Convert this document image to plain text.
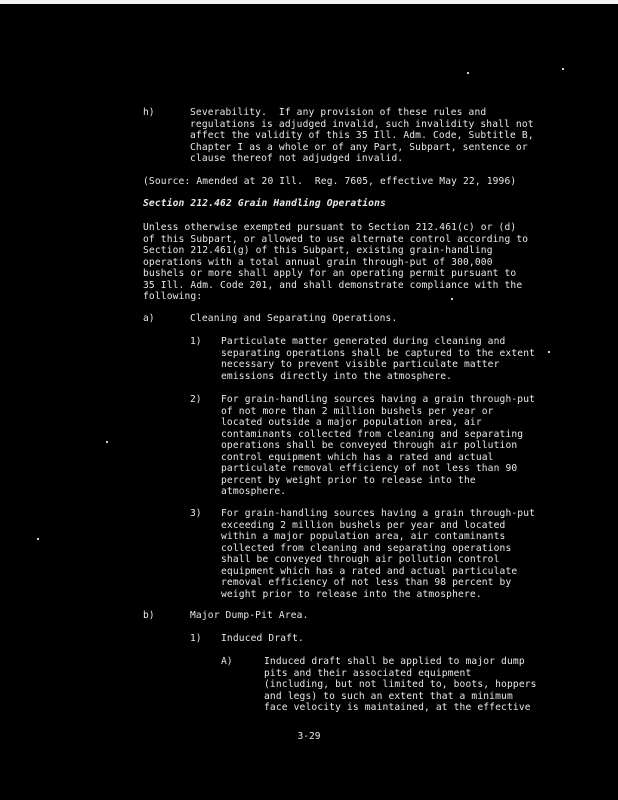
h)	Severability.  If any provision of these rules and
regulations is adjudged invalid, such invalidity shall not
affect the validity of this 35 Ill. Adm. Code, Subtitle B,
Chapter I as a whole or of any Part, Subpart, sentence or
clause thereof not adjudged invalid.
(Source: Amended at 20 Ill.  Reg. 7605, effective May 22, 1996)
Section 212.462 Grain Handling Operations
Unless otherwise exempted pursuant to Section 212.461(c) or (d)
of this Subpart, or allowed to use alternate control according to
Section 212.461(g) of this Subpart, existing grain-handling
operations with a total annual grain through-put of 300,000
bushels or more shall apply for an operating permit pursuant to
35 Ill. Adm. Code 201, and shall demonstrate compliance with the
following:
a)	Cleaning and Separating Operations.
1) Particulate matter generated during cleaning and
separating operations shall be captured to the extent
necessary to prevent visible particulate matter
emissions directly into the atmosphere.
2) For grain-handling sources having a grain through-put
of not more than 2 million bushels per year or
located outside a major population area, air
contaminants collected from cleaning and separating
operations shall be conveyed through air pollution
control equipment which has a rated and actual
particulate removal efficiency of not less than 90
percent by weight prior to release into the
atmosphere.
3) For grain-handling sources having a grain through-put
exceeding 2 million bushels per year and located
within a major population area, air contaminants
collected from cleaning and separating operations
shall be conveyed through air pollution control
equipment which has a rated and actual particulate
removal efficiency of not less than 98 percent by
weight prior to release into the atmosphere.
b)	Major Dump-Pit Area.
1) Induced Draft.
A)	Induced draft shall be applied to major dump
pits and their associated equipment
(including, but not limited to, boots, hoppers
and legs) to such an extent that a minimum
face velocity is maintained, at the effective
3-29
